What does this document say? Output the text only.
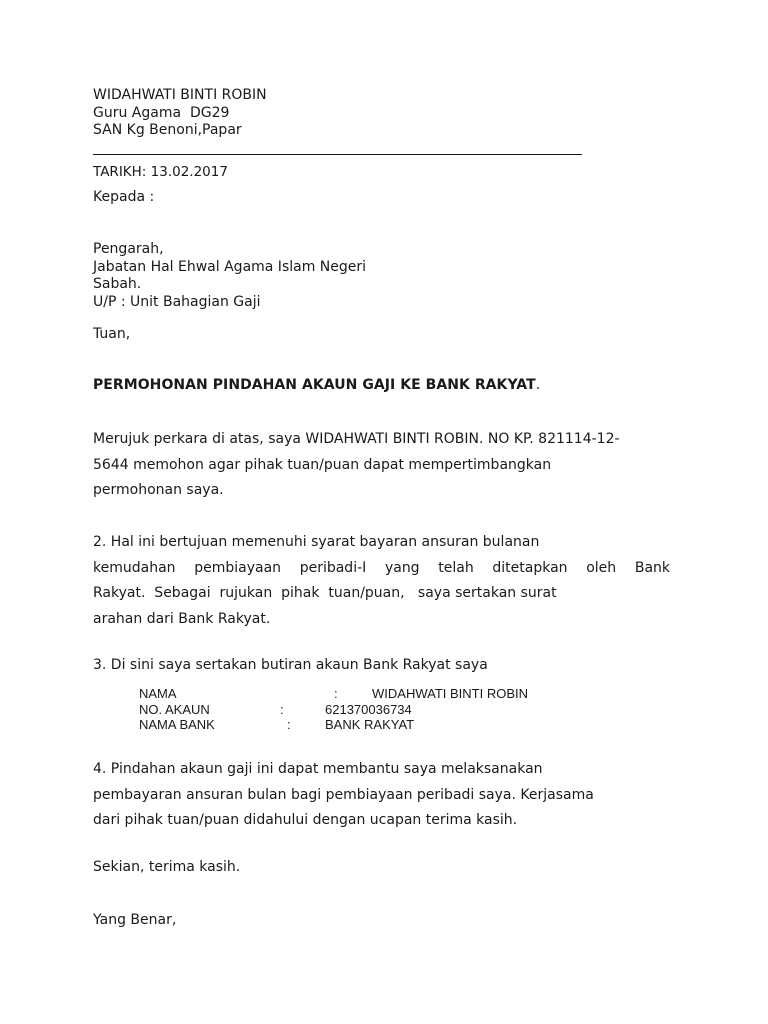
WIDAHWATI BINTI ROBIN
Guru Agama  DG29
SAN Kg Benoni,Papar
TARIKH: 13.02.2017
Kepada :
Pengarah,
Jabatan Hal Ehwal Agama Islam Negeri
Sabah.
U/P : Unit Bahagian Gaji
Tuan,
PERMOHONAN PINDAHAN AKAUN GAJI KE BANK RAKYAT.
Merujuk perkara di atas, saya WIDAHWATI BINTI ROBIN. NO KP. 821114-12-
5644 memohon agar pihak tuan/puan dapat mempertimbangkan
permohonan saya.
2. Hal ini bertujuan memenuhi syarat bayaran ansuran bulanan
kemudahan pembiayaan peribadi-I yang telah ditetapkan oleh Bank
Rakyat.  Sebagai  rujukan  pihak  tuan/puan,   saya sertakan surat
arahan dari Bank Rakyat.
3. Di sini saya sertakan butiran akaun Bank Rakyat saya
NAMA	:	WIDAHWATI BINTI ROBIN
NO. AKAUN	:	621370036734
NAMA BANK	:	BANK RAKYAT
4. Pindahan akaun gaji ini dapat membantu saya melaksanakan
pembayaran ansuran bulan bagi pembiayaan peribadi saya. Kerjasama
dari pihak tuan/puan didahului dengan ucapan terima kasih.
Sekian, terima kasih.
Yang Benar,
